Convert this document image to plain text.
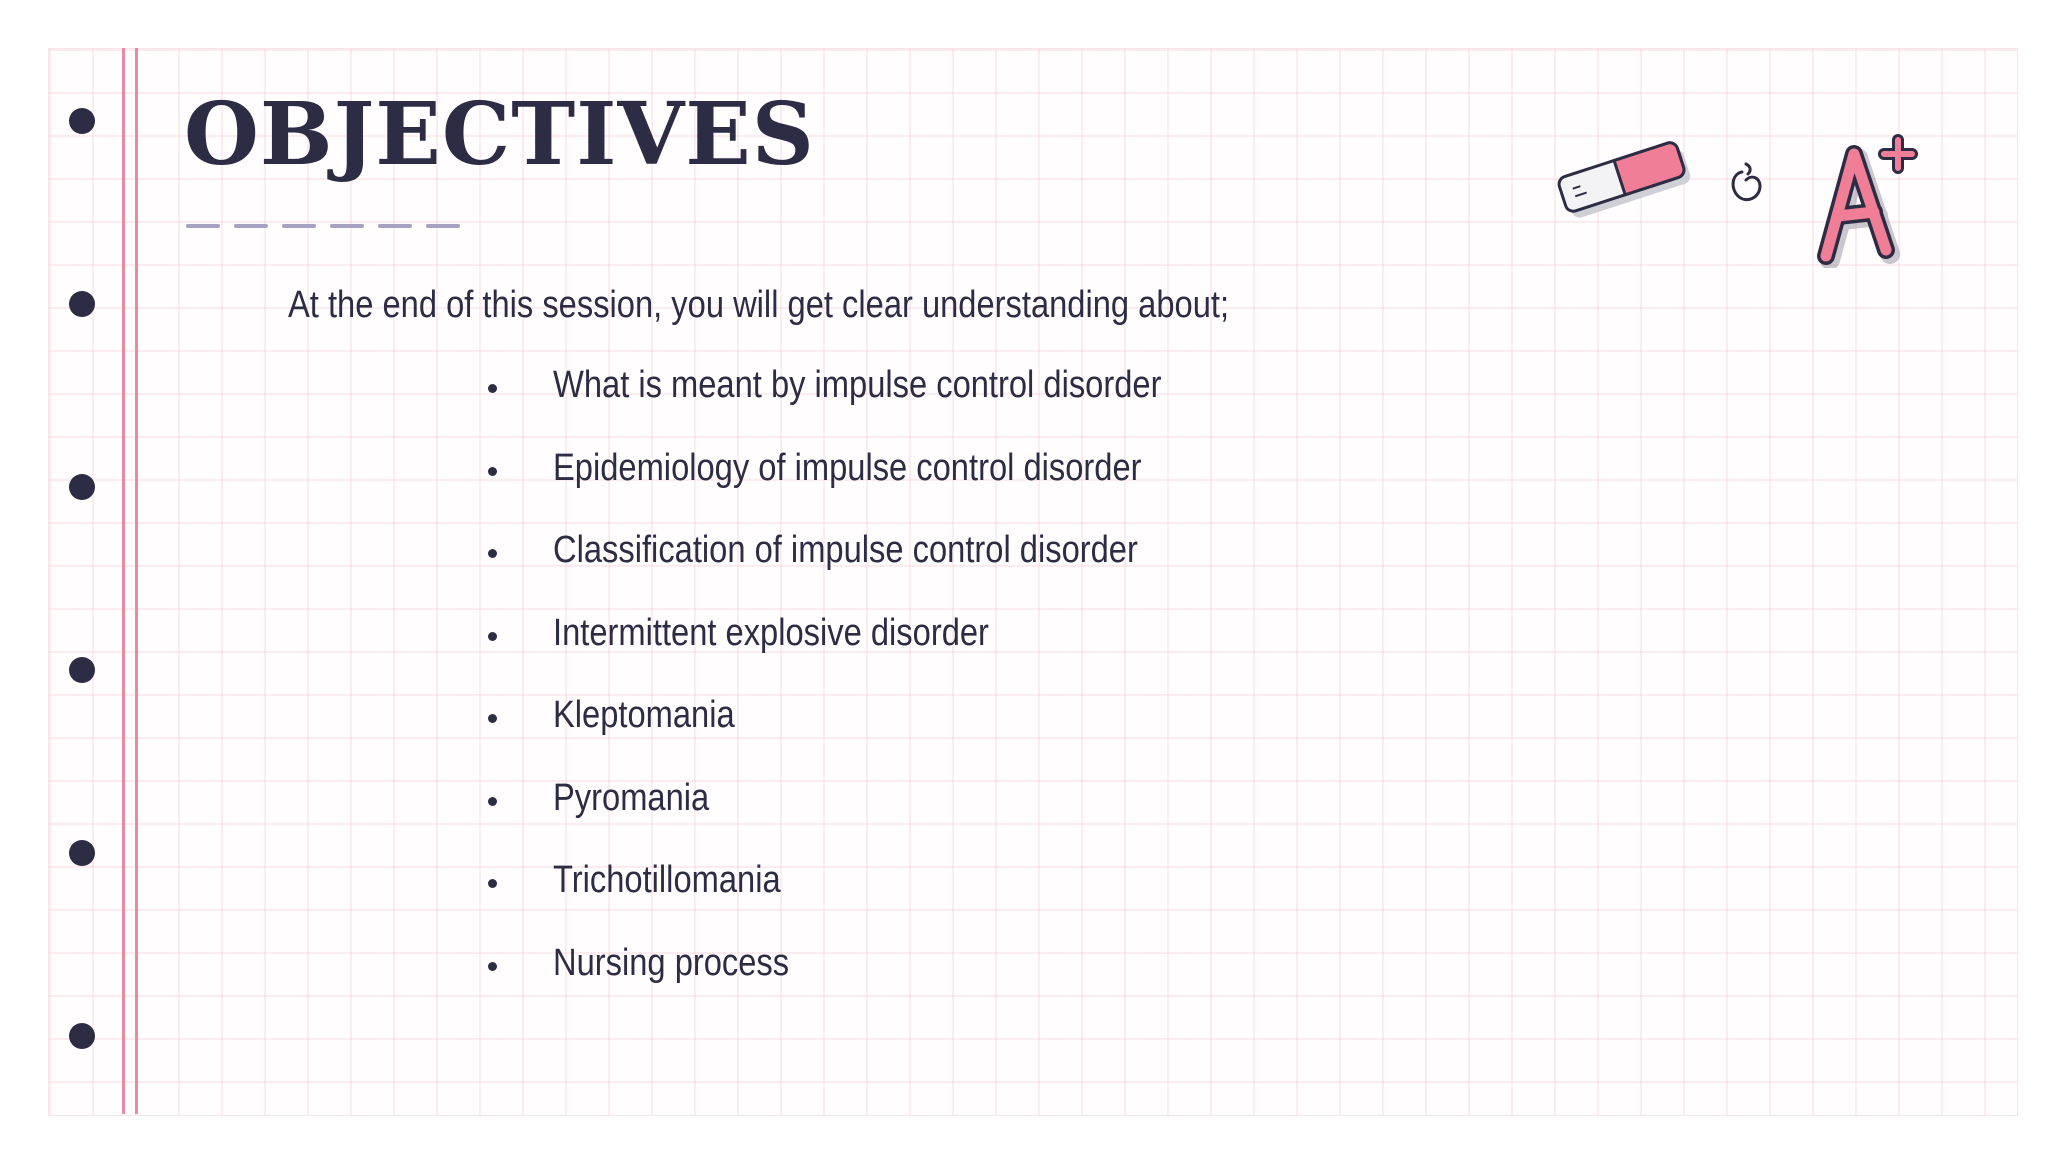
OBJECTIVES
At the end of this session, you will get clear understanding about;
What is meant by impulse control disorder
Epidemiology of impulse control disorder
Classification of impulse control disorder
Intermittent explosive disorder
Kleptomania
Pyromania
Trichotillomania
Nursing process
